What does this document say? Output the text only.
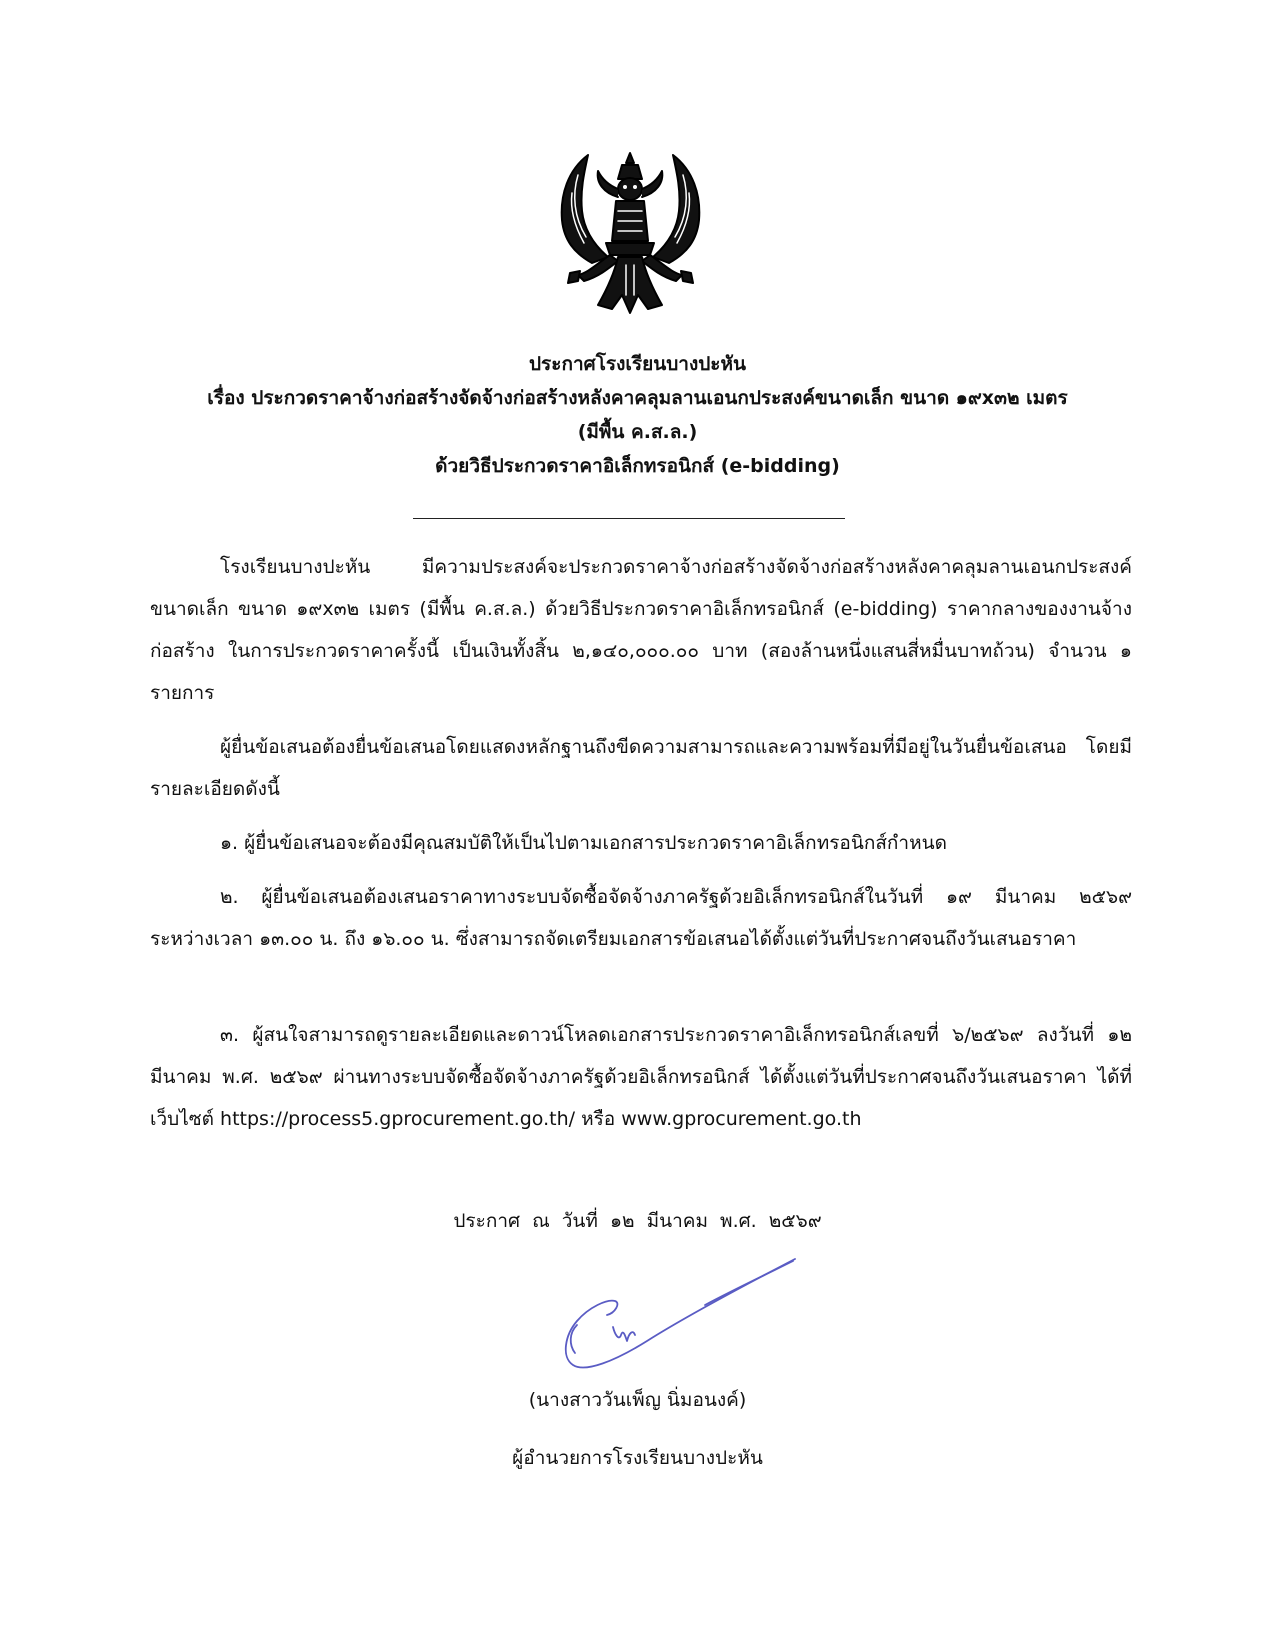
ประกาศโรงเรียนบางปะหัน
เรื่อง ประกวดราคาจ้างก่อสร้างจัดจ้างก่อสร้างหลังคาคลุมลานเอนกประสงค์ขนาดเล็ก ขนาด ๑๙x๓๒ เมตร
(มีพื้น ค.ส.ล.)
ด้วยวิธีประกวดราคาอิเล็กทรอนิกส์ (e-bidding)
โรงเรียนบางปะหัน มีความประสงค์จะประกวดราคาจ้างก่อสร้างจัดจ้างก่อสร้างหลังคาคลุมลานเอนกประสงค์ขนาดเล็ก ขนาด ๑๙x๓๒ เมตร (มีพื้น ค.ส.ล.) ด้วยวิธีประกวดราคาอิเล็กทรอนิกส์ (e-bidding) ราคากลางของงานจ้างก่อสร้าง ในการประกวดราคาครั้งนี้ เป็นเงินทั้งสิ้น ๒,๑๔๐,๐๐๐.๐๐ บาท (สองล้านหนึ่งแสนสี่หมื่นบาทถ้วน) จำนวน ๑ รายการ
ผู้ยื่นข้อเสนอต้องยื่นข้อเสนอโดยแสดงหลักฐานถึงขีดความสามารถและความพร้อมที่มีอยู่ในวันยื่นข้อเสนอ โดยมีรายละเอียดดังนี้
๑. ผู้ยื่นข้อเสนอจะต้องมีคุณสมบัติให้เป็นไปตามเอกสารประกวดราคาอิเล็กทรอนิกส์กำหนด
๒. ผู้ยื่นข้อเสนอต้องเสนอราคาทางระบบจัดซื้อจัดจ้างภาครัฐด้วยอิเล็กทรอนิกส์ในวันที่ ๑๙ มีนาคม ๒๕๖๙ ระหว่างเวลา ๑๓.๐๐ น. ถึง ๑๖.๐๐ น. ซึ่งสามารถจัดเตรียมเอกสารข้อเสนอได้ตั้งแต่วันที่ประกาศจนถึงวันเสนอราคา
๓. ผู้สนใจสามารถดูรายละเอียดและดาวน์โหลดเอกสารประกวดราคาอิเล็กทรอนิกส์เลขที่ ๖/๒๕๖๙ ลงวันที่ ๑๒ มีนาคม พ.ศ. ๒๕๖๙ ผ่านทางระบบจัดซื้อจัดจ้างภาครัฐด้วยอิเล็กทรอนิกส์ ได้ตั้งแต่วันที่ประกาศจนถึงวันเสนอราคา ได้ที่เว็บไซต์ https://process5.gprocurement.go.th/ หรือ www.gprocurement.go.th
ประกาศ ณ วันที่ ๑๒ มีนาคม พ.ศ. ๒๕๖๙
(นางสาววันเพ็ญ นิ่มอนงค์)
ผู้อำนวยการโรงเรียนบางปะหัน
